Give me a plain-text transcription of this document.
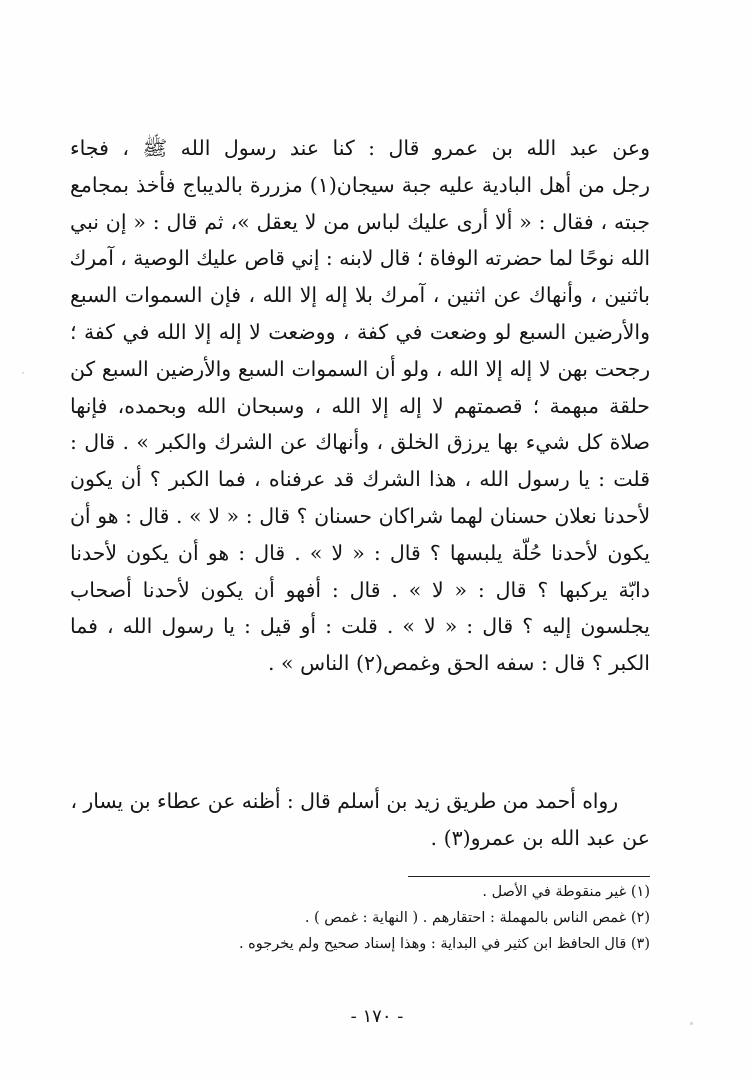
وعن عبد الله بن عمرو قال : كنا عند رسول الله ﷺ ، فجاء
رجل من أهل البادية عليه جبة سيجان(١) مزررة بالديباج فأخذ بمجامع
جبته ، فقال : « ألا أرى عليك لباس من لا يعقل »، ثم قال : « إن نبي
الله نوحًا لما حضرته الوفاة ؛ قال لابنه : إني قاص عليك الوصية ، آمرك
باثنين ، وأنهاك عن اثنين ، آمرك بلا إله إلا الله ، فإن السموات السبع
والأرضين السبع لو وضعت في كفة ، ووضعت لا إله إلا الله في كفة ؛
رجحت بهن لا إله إلا الله ، ولو أن السموات السبع والأرضين السبع كن
حلقة مبهمة ؛ قصمتهم لا إله إلا الله ، وسبحان الله وبحمده، فإنها
صلاة كل شيء بها يرزق الخلق ، وأنهاك عن الشرك والكبر » . قال :
قلت : يا رسول الله ، هذا الشرك قد عرفناه ، فما الكبر ؟ أن يكون
لأحدنا نعلان حسنان لهما شراكان حسنان ؟ قال : « لا » . قال : هو أن
يكون لأحدنا حُلّة يلبسها ؟ قال : « لا » . قال : هو أن يكون لأحدنا
دابّة يركبها ؟ قال : « لا » . قال : أفهو أن يكون لأحدنا أصحاب
يجلسون إليه ؟ قال : « لا » . قلت : أو قيل : يا رسول الله ، فما
الكبر ؟ قال : سفه الحق وغمص(٢) الناس » .
رواه أحمد من طريق زيد بن أسلم قال : أظنه عن عطاء بن يسار ،
عن عبد الله بن عمرو(٣) .
(١) غير منقوطة في الأصل .
(٢) غمص الناس بالمهملة : احتقارهم . ( النهاية : غمص ) .
(٣) قال الحافظ ابن كثير في البداية : وهذا إسناد صحيح ولم يخرجوه .
- ١٧٠ -
